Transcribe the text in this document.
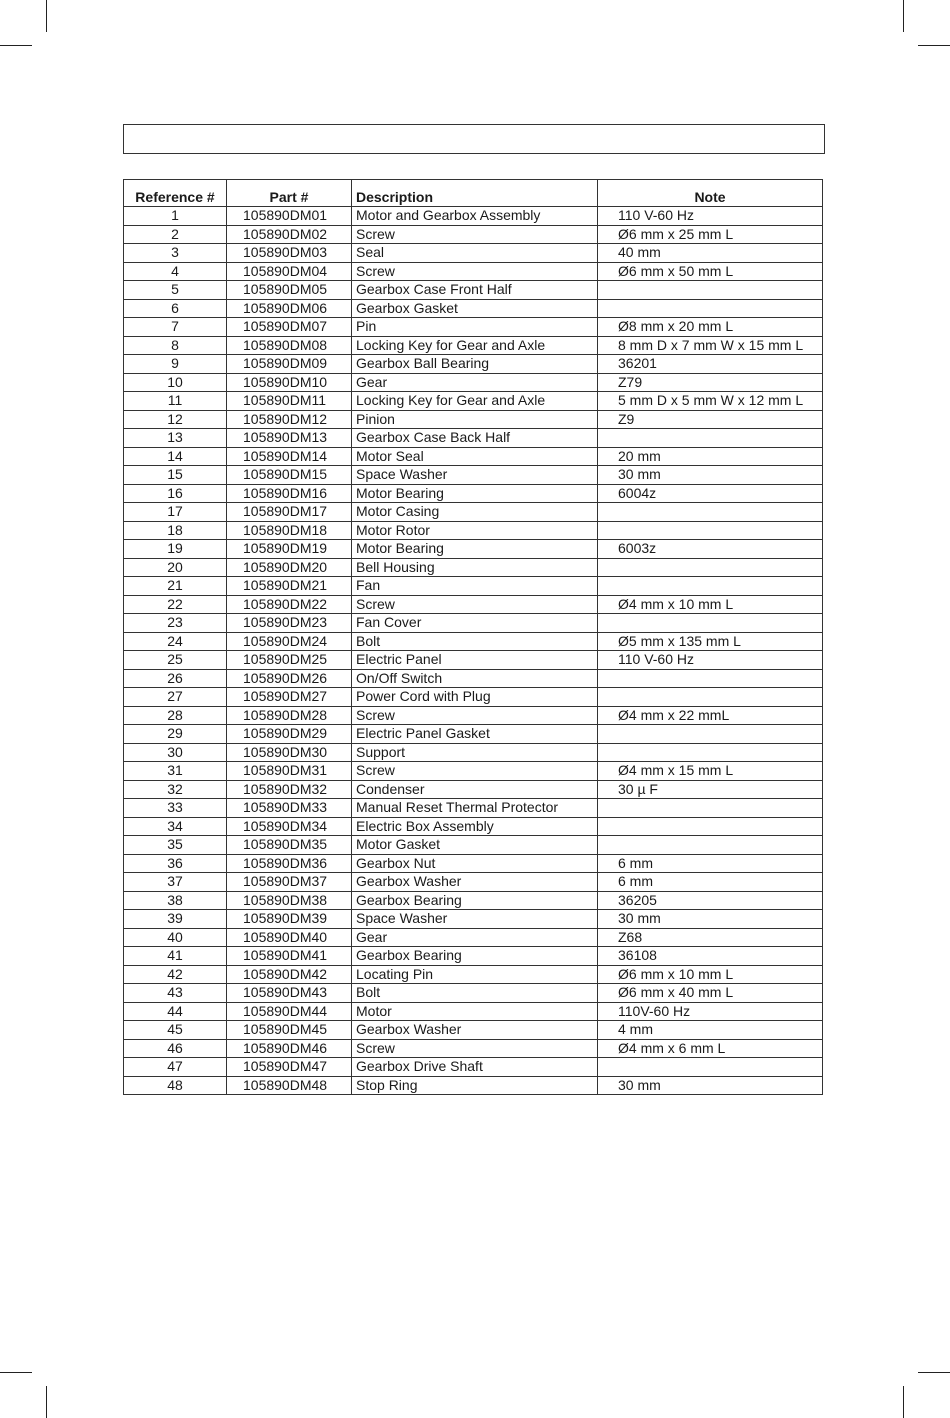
Reference #	Part #	Description	Note
1	105890DM01	Motor and Gearbox Assembly	110 V-60 Hz
2	105890DM02	Screw	Ø6 mm x 25 mm L
3	105890DM03	Seal	40 mm
4	105890DM04	Screw	Ø6 mm x 50 mm L
5	105890DM05	Gearbox Case Front Half	
6	105890DM06	Gearbox Gasket	
7	105890DM07	Pin	Ø8 mm x 20 mm L
8	105890DM08	Locking Key for Gear and Axle	8 mm D x 7 mm W x 15 mm L
9	105890DM09	Gearbox Ball Bearing	36201
10	105890DM10	Gear	Z79
11	105890DM11	Locking Key for Gear and Axle	5 mm D x 5 mm W x 12 mm L
12	105890DM12	Pinion	Z9
13	105890DM13	Gearbox Case Back Half	
14	105890DM14	Motor Seal	20 mm
15	105890DM15	Space Washer	30 mm
16	105890DM16	Motor Bearing	6004z
17	105890DM17	Motor Casing	
18	105890DM18	Motor Rotor	
19	105890DM19	Motor Bearing	6003z
20	105890DM20	Bell Housing	
21	105890DM21	Fan	
22	105890DM22	Screw	Ø4 mm x 10 mm L
23	105890DM23	Fan Cover	
24	105890DM24	Bolt	Ø5 mm x 135 mm L
25	105890DM25	Electric Panel	110 V-60 Hz
26	105890DM26	On/Off Switch	
27	105890DM27	Power Cord with Plug	
28	105890DM28	Screw	Ø4 mm x 22 mmL
29	105890DM29	Electric Panel Gasket	
30	105890DM30	Support	
31	105890DM31	Screw	Ø4 mm x 15 mm L
32	105890DM32	Condenser	30 µ F
33	105890DM33	Manual Reset Thermal Protector	
34	105890DM34	Electric Box Assembly	
35	105890DM35	Motor Gasket	
36	105890DM36	Gearbox Nut	6 mm
37	105890DM37	Gearbox Washer	6 mm
38	105890DM38	Gearbox Bearing	36205
39	105890DM39	Space Washer	30 mm
40	105890DM40	Gear	Z68
41	105890DM41	Gearbox Bearing	36108
42	105890DM42	Locating Pin	Ø6 mm x 10 mm L
43	105890DM43	Bolt	Ø6 mm x 40 mm L
44	105890DM44	Motor	110V-60 Hz
45	105890DM45	Gearbox Washer	4 mm
46	105890DM46	Screw	Ø4 mm x 6 mm L
47	105890DM47	Gearbox Drive Shaft	
48	105890DM48	Stop Ring	30 mm
